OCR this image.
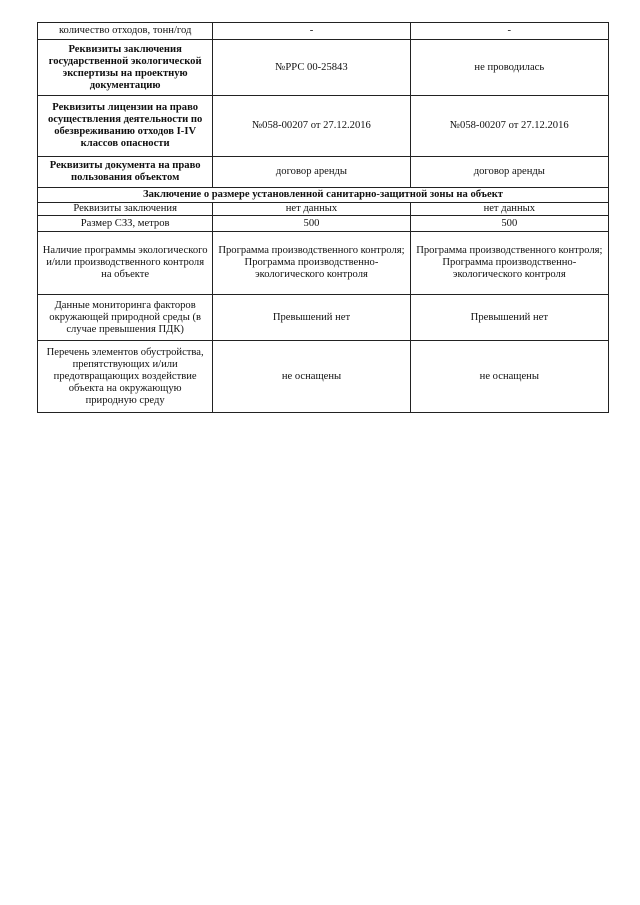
количество отходов, тонн/год	-	-
Реквизиты заключения государственной экологической экспертизы на проектную документацию	№РРС 00-25843	не проводилась
Реквизиты лицензии на право осуществления деятельности по обезвреживанию отходов I-IV классов опасности	№058-00207 от 27.12.2016	№058-00207 от 27.12.2016
Реквизиты документа на право пользования объектом	договор аренды	договор аренды
Заключение о размере установленной санитарно-защитной зоны на объект		
Реквизиты заключения	нет данных	нет данных
Размер СЗЗ, метров	500	500
Наличие программы экологического и/или производственного контроля на объекте	Программа производственного контроля; Программа производственно-экологического контроля	Программа производственного контроля; Программа производственно-экологического контроля
Данные мониторинга факторов окружающей природной среды (в случае превышения ПДК)	Превышений нет	Превышений нет
Перечень элементов обустройства, препятствующих и/или предотвращающих воздействие объекта на окружающую природную среду	не оснащены	не оснащены
